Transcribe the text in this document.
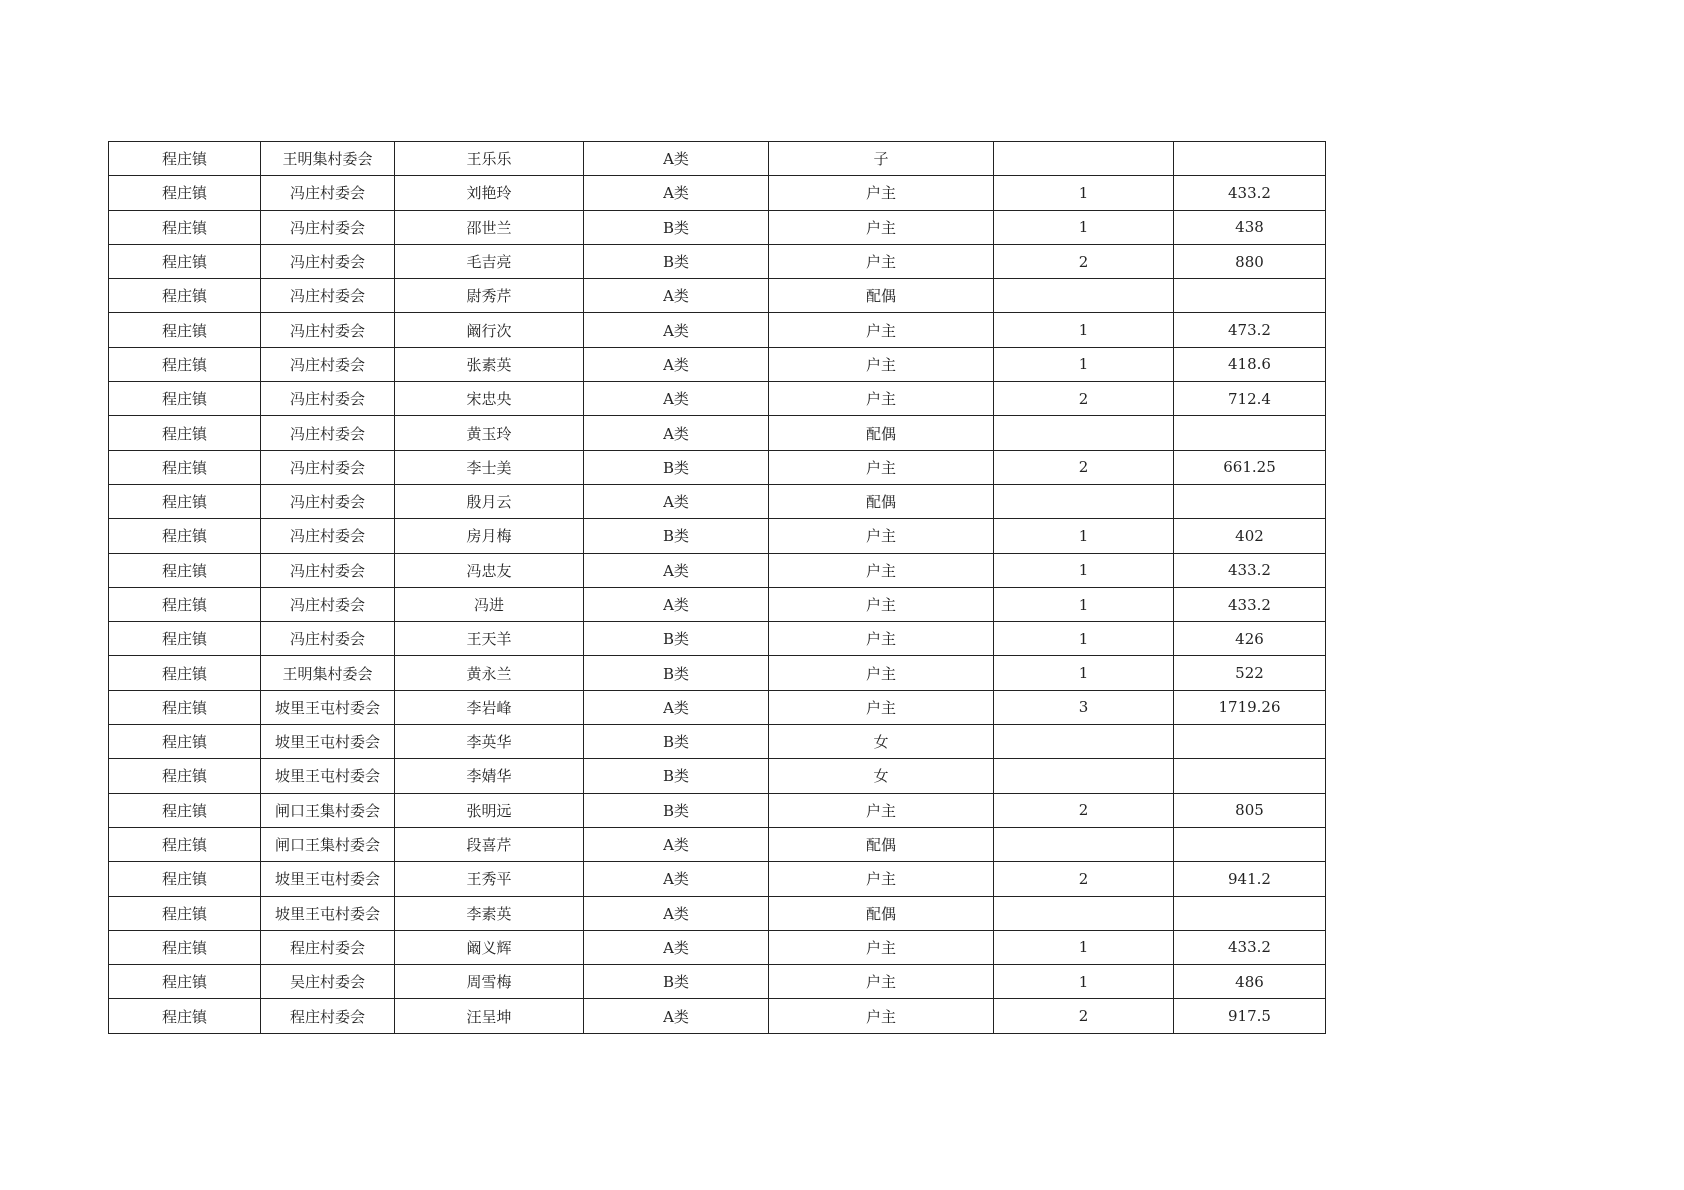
程庄镇	王明集村委会	王乐乐	A类	子		
程庄镇	冯庄村委会	刘艳玲	A类	户主	1	433.2
程庄镇	冯庄村委会	邵世兰	B类	户主	1	438
程庄镇	冯庄村委会	毛吉亮	B类	户主	2	880
程庄镇	冯庄村委会	尉秀芹	A类	配偶		
程庄镇	冯庄村委会	阚行次	A类	户主	1	473.2
程庄镇	冯庄村委会	张素英	A类	户主	1	418.6
程庄镇	冯庄村委会	宋忠央	A类	户主	2	712.4
程庄镇	冯庄村委会	黄玉玲	A类	配偶		
程庄镇	冯庄村委会	李士美	B类	户主	2	661.25
程庄镇	冯庄村委会	殷月云	A类	配偶		
程庄镇	冯庄村委会	房月梅	B类	户主	1	402
程庄镇	冯庄村委会	冯忠友	A类	户主	1	433.2
程庄镇	冯庄村委会	冯进	A类	户主	1	433.2
程庄镇	冯庄村委会	王天羊	B类	户主	1	426
程庄镇	王明集村委会	黄永兰	B类	户主	1	522
程庄镇	坡里王屯村委会	李岩峰	A类	户主	3	1719.26
程庄镇	坡里王屯村委会	李英华	B类	女		
程庄镇	坡里王屯村委会	李婧华	B类	女		
程庄镇	闸口王集村委会	张明远	B类	户主	2	805
程庄镇	闸口王集村委会	段喜芹	A类	配偶		
程庄镇	坡里王屯村委会	王秀平	A类	户主	2	941.2
程庄镇	坡里王屯村委会	李素英	A类	配偶		
程庄镇	程庄村委会	阚义辉	A类	户主	1	433.2
程庄镇	吴庄村委会	周雪梅	B类	户主	1	486
程庄镇	程庄村委会	汪呈坤	A类	户主	2	917.5
